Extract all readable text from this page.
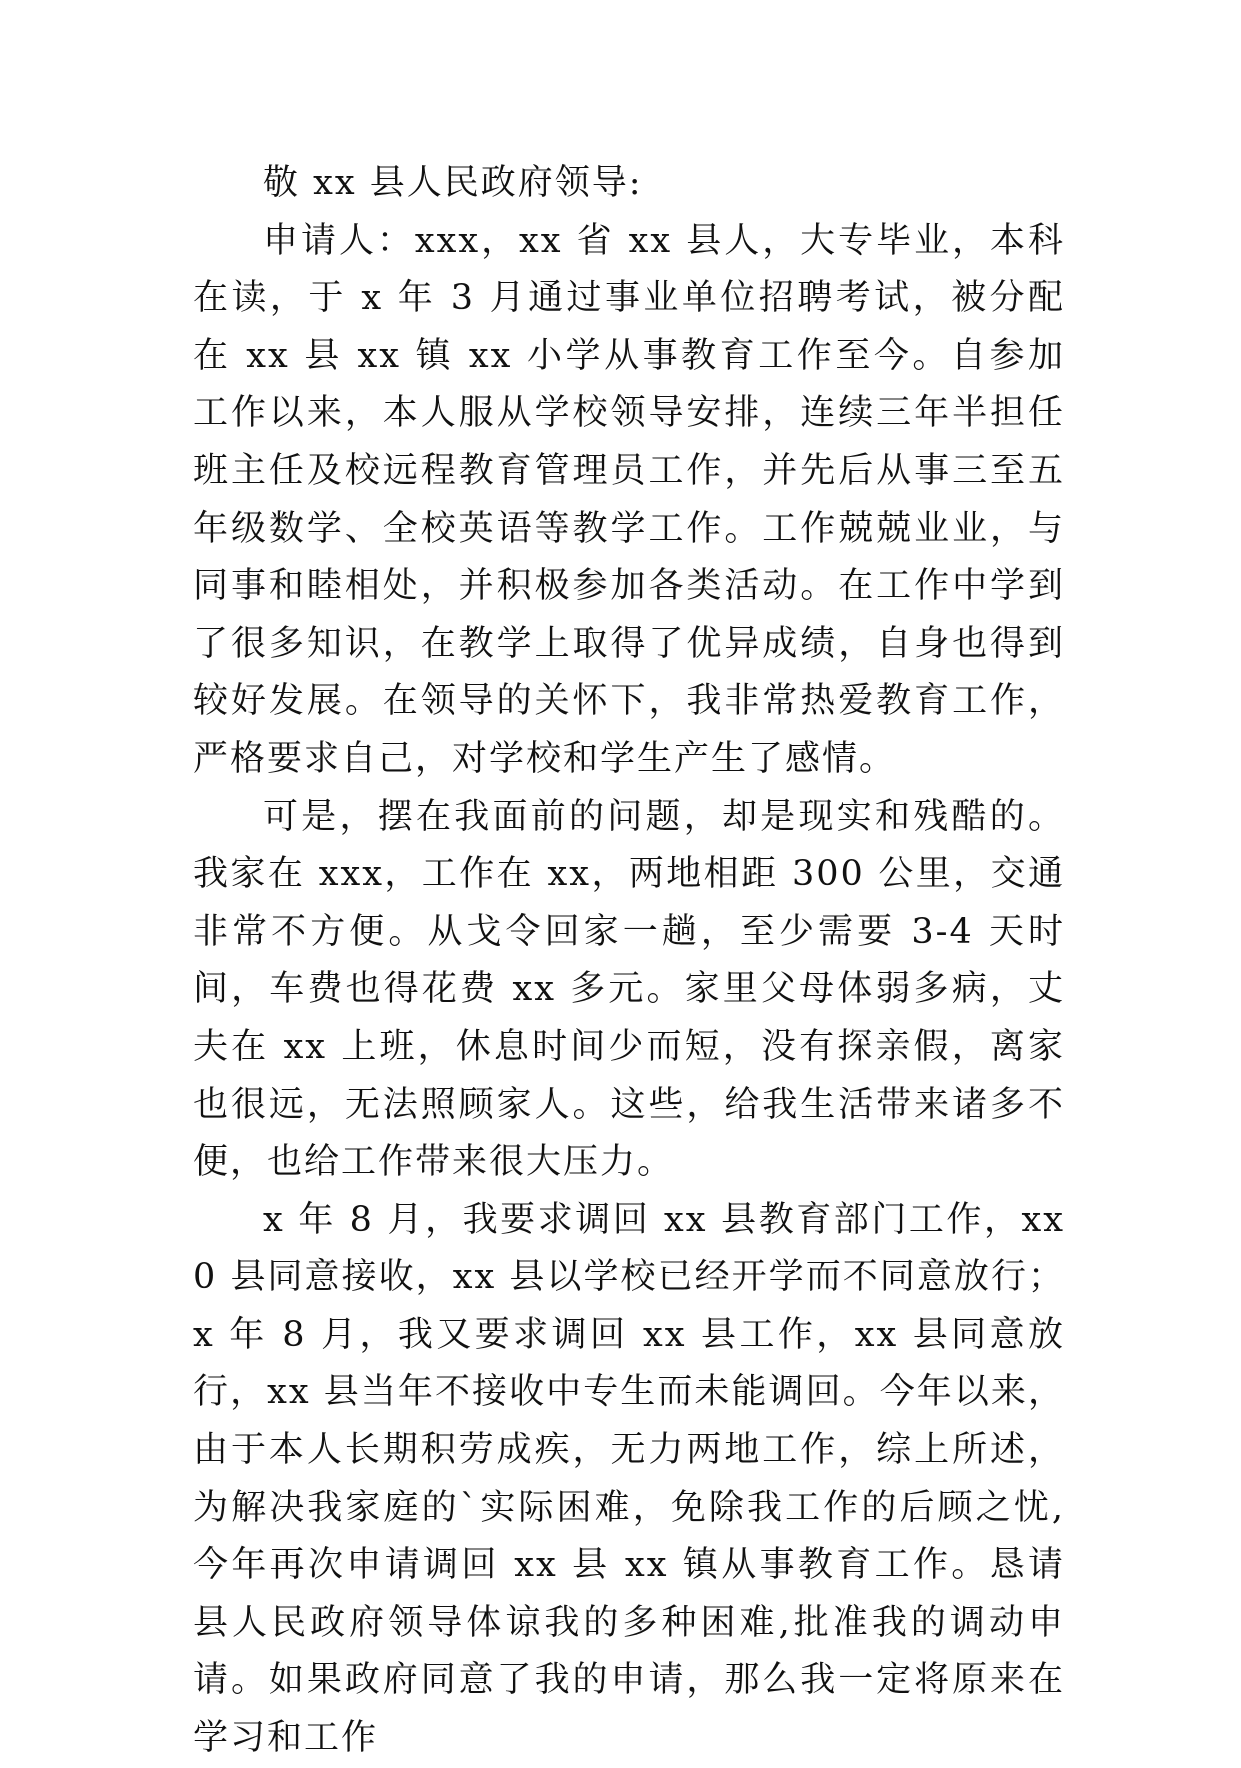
敬 xx 县人民政府领导:

申请人：xxx，xx 省 xx 县人，大专毕业，本科在读，于 x 年 3 月通过事业单位招聘考试，被分配在 xx 县 xx 镇 xx 小学从事教育工作至今。自参加工作以来，本人服从学校领导安排，连续三年半担任班主任及校远程教育管理员工作，并先后从事三至五年级数学、全校英语等教学工作。工作兢兢业业，与同事和睦相处，并积极参加各类活动。在工作中学到了很多知识，在教学上取得了优异成绩，自身也得到较好发展。在领导的关怀下，我非常热爱教育工作，严格要求自己，对学校和学生产生了感情。

可是，摆在我面前的问题，却是现实和残酷的。我家在 xxx，工作在 xx，两地相距 300 公里，交通非常不方便。从戈令回家一趟，至少需要 3-4 天时间，车费也得花费 xx 多元。家里父母体弱多病，丈夫在 xx 上班，休息时间少而短，没有探亲假，离家也很远，无法照顾家人。这些，给我生活带来诸多不便，也给工作带来很大压力。

x 年 8 月，我要求调回 xx 县教育部门工作，xx0 县同意接收，xx 县以学校已经开学而不同意放行；x 年 8 月，我又要求调回 xx 县工作，xx 县同意放行，xx 县当年不接收中专生而未能调回。今年以来，由于本人长期积劳成疾，无力两地工作，综上所述，为解决我家庭的`实际困难，免除我工作的后顾之忧,今年再次申请调回 xx 县 xx 镇从事教育工作。恳请县人民政府领导体谅我的多种困难,批准我的调动申请。如果政府同意了我的申请，那么我一定将原来在学习和工作
